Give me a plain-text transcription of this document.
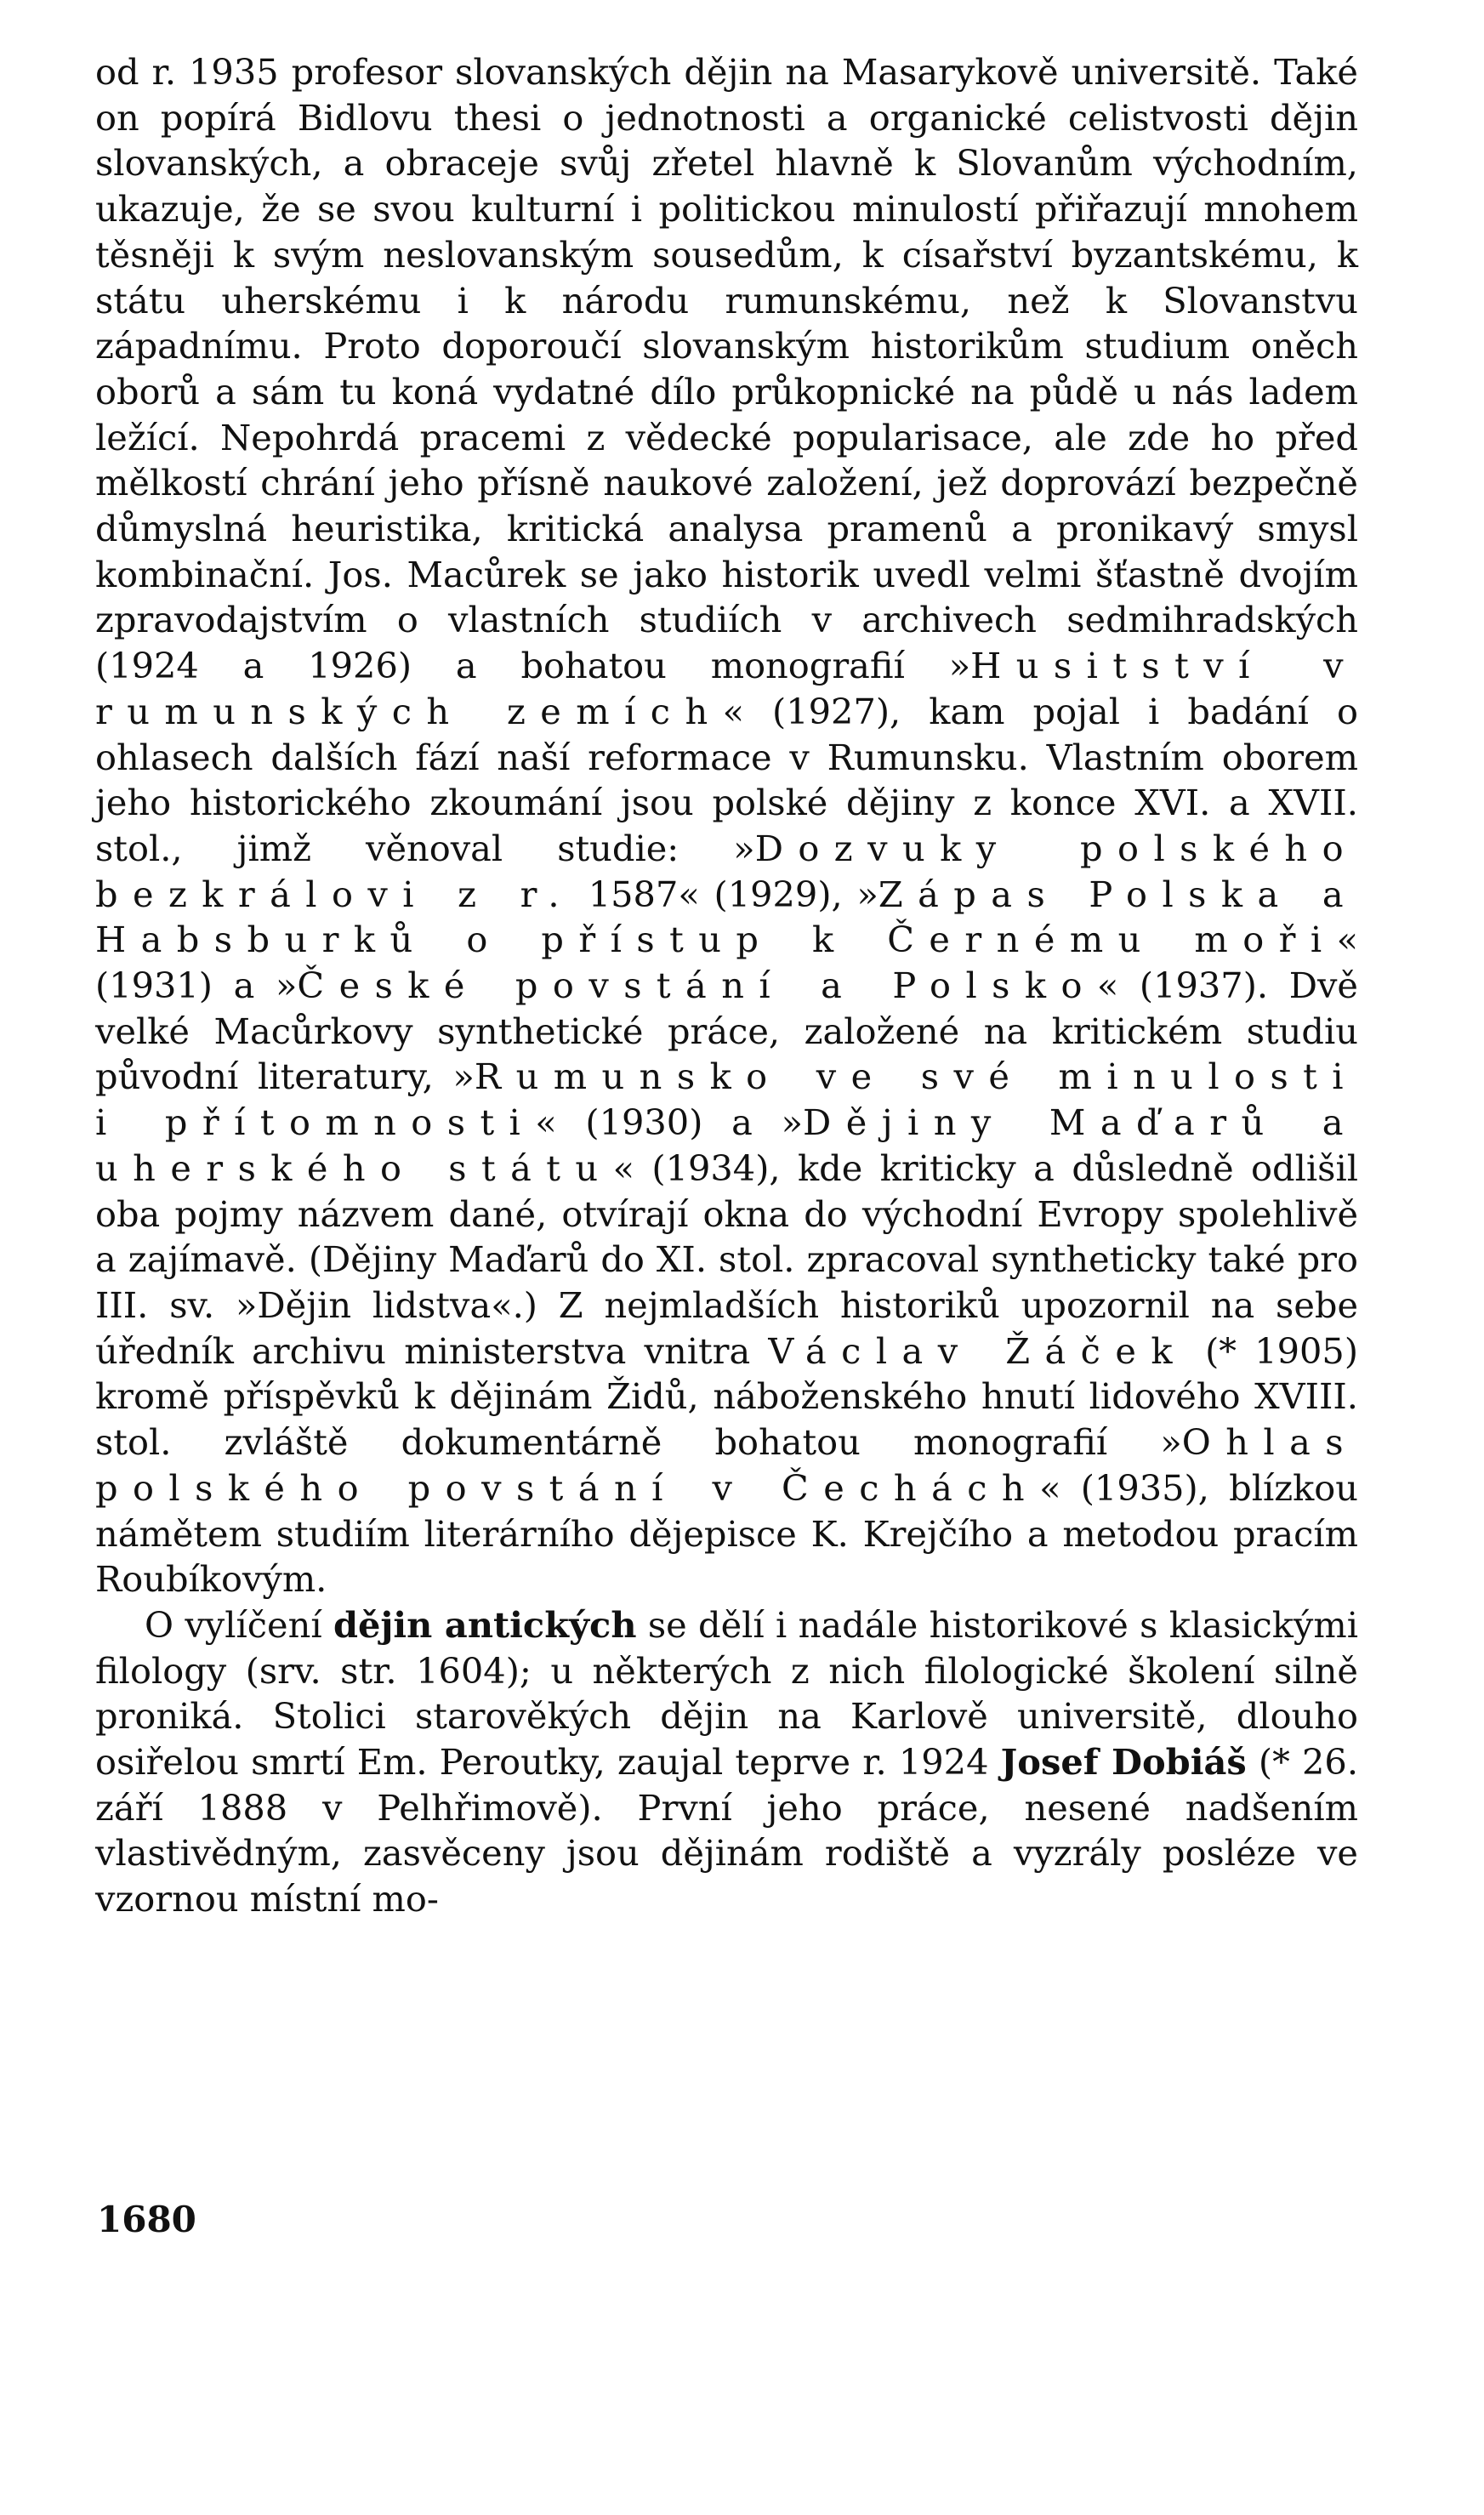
od r. 1935 profesor slovanských dějin na Masarykově universitě. Také on popírá Bidlovu thesi o jednotnosti a organické celistvosti dějin slovanských, a obraceje svůj zřetel hlavně k Slovanům východním, ukazuje, že se svou kulturní i politickou minulostí přiřazují mnohem těsněji k svým neslovanským sousedům, k císařství byzantskému, k státu uherskému i k národu rumunskému, než k Slovanstvu západnímu. Proto doporoučí slovanským historikům studium oněch oborů a sám tu koná vydatné dílo průkopnické na půdě u nás ladem ležící. Nepohrdá pracemi z vědecké popularisace, ale zde ho před mělkostí chrání jeho přísně naukové založení, jež doprovází bezpečně důmyslná heuristika, kritická analysa pramenů a pronikavý smysl kombinační. Jos. Macůrek se jako historik uvedl velmi šťastně dvojím zpravodajstvím o vlastních studiích v archivech sedmihradských (1924 a 1926) a bohatou monografií »Husitství v rumunských zemích« (1927), kam pojal i badání o ohlasech dalších fází naší reformace v Rumunsku. Vlastním oborem jeho historického zkoumání jsou polské dějiny z konce XVI. a XVII. stol., jimž věnoval studie: »Dozvuky polského bezkrálovi z r. 1587« (1929), »Zápas Polska a Habsburků o přístup k Černému moři« (1931) a »České povstání a Polsko« (1937). Dvě velké Macůrkovy synthetické práce, založené na kritickém studiu původní literatury, »Rumunsko ve své minulosti i přítomnosti« (1930) a »Dějiny Maďarů a uherského státu« (1934), kde kriticky a důsledně odlišil oba pojmy názvem dané, otvírají okna do východní Evropy spolehlivě a zajímavě. (Dějiny Maďarů do XI. stol. zpracoval syntheticky také pro III. sv. »Dějin lidstva«.) Z nejmladších historiků upozornil na sebe úředník archivu ministerstva vnitra Václav Žáček (* 1905) kromě příspěvků k dějinám Židů, náboženského hnutí lidového XVIII. stol. zvláště dokumentárně bohatou monografií »Ohlas polského povstání v Čechách« (1935), blízkou námětem studiím literárního dějepisce K. Krejčího a metodou pracím Roubíkovým.

O vylíčení dějin antických se dělí i nadále historikové s klasickými filology (srv. str. 1604); u některých z nich filologické školení silně proniká. Stolici starověkých dějin na Karlově universitě, dlouho osiřelou smrtí Em. Peroutky, zaujal teprve r. 1924 Josef Dobiáš (* 26. září 1888 v Pelhřimově). První jeho práce, nesené nadšením vlastivědným, zasvěceny jsou dějinám rodiště a vyzrály posléze ve vzornou místní mo-

1680
